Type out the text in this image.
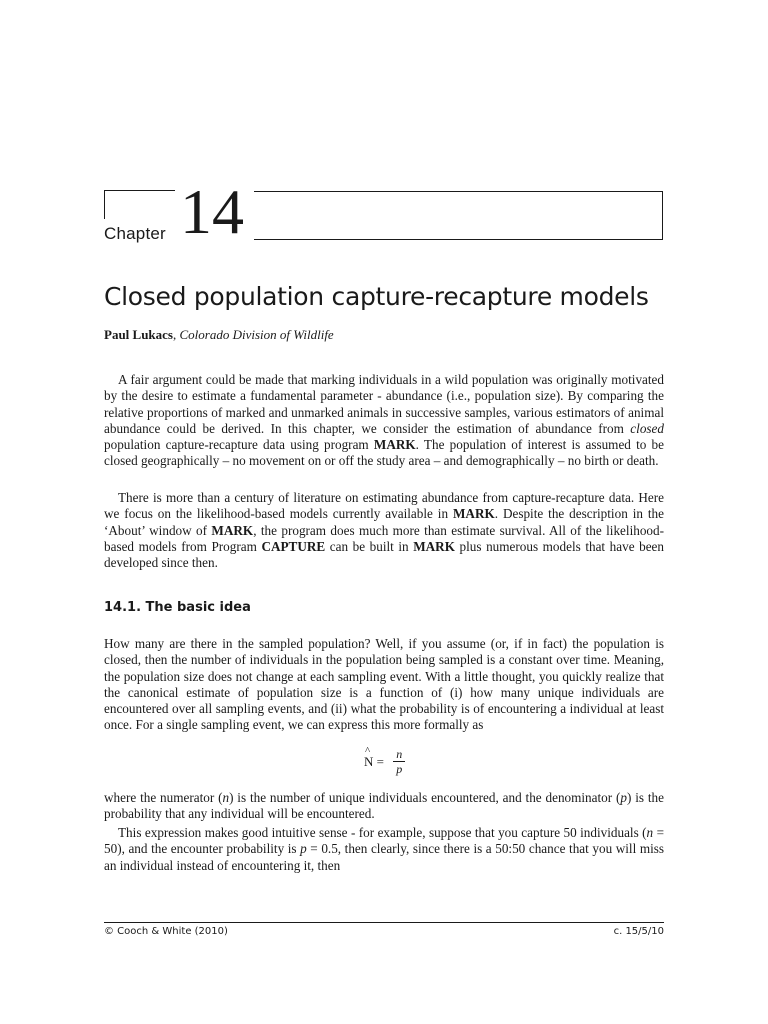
Chapter 14
Closed population capture-recapture models
Paul Lukacs, Colorado Division of Wildlife

A fair argument could be made that marking individuals in a wild population was originally motivated by the desire to estimate a fundamental parameter - abundance (i.e., population size). By comparing the relative proportions of marked and unmarked animals in successive samples, various estimators of animal abundance could be derived. In this chapter, we consider the estimation of abundance from closed population capture-recapture data using program MARK. The population of interest is assumed to be closed geographically – no movement on or off the study area – and demographically – no birth or death.

There is more than a century of literature on estimating abundance from capture-recapture data. Here we focus on the likelihood-based models currently available in MARK. Despite the description in the ‘About’ window of MARK, the program does much more than estimate survival. All of the likelihood-based models from Program CAPTURE can be built in MARK plus numerous models that have been developed since then.

14.1. The basic idea

How many are there in the sampled population? Well, if you assume (or, if in fact) the population is closed, then the number of individuals in the population being sampled is a constant over time. Meaning, the population size does not change at each sampling event. With a little thought, you quickly realize that the canonical estimate of population size is a function of (i) how many unique individuals are encountered over all sampling events, and (ii) what the probability is of encountering a individual at least once. For a single sampling event, we can express this more formally as

^
$N = \frac{n}{p}$

where the numerator (n) is the number of unique individuals encountered, and the denominator (p) is the probability that any individual will be encountered.

This expression makes good intuitive sense - for example, suppose that you capture 50 individuals (n = 50), and the encounter probability is p = 0.5, then clearly, since there is a 50:50 chance that you will miss an individual instead of encountering it, then

© Cooch & White (2010)	c. 15/5/10
